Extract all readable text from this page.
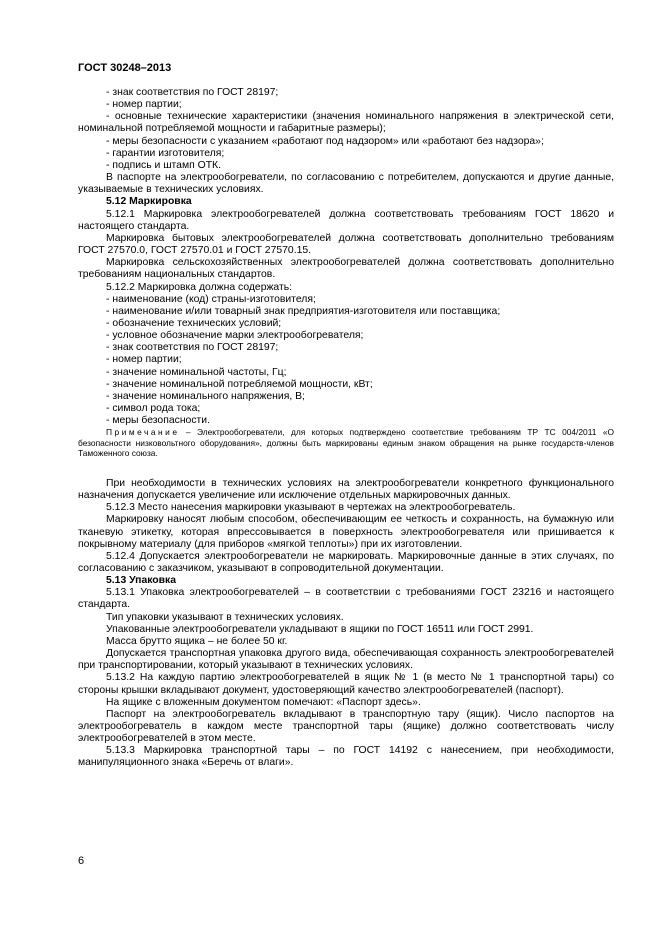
ГОСТ 30248–2013

- знак соответствия по ГОСТ 28197;

- номер партии;

- основные технические характеристики (значения номинального напряжения в электрической сети, номинальной потребляемой мощности и габаритные размеры);

- меры безопасности с указанием «работают под надзором» или «работают без надзора»;

- гарантии изготовителя;

- подпись и штамп ОТК.

В паспорте на электрообогреватели, по согласованию с потребителем, допускаются и другие данные, указываемые в технических условиях.

5.12 Маркировка

5.12.1 Маркировка электрообогревателей должна соответствовать требованиям ГОСТ 18620 и настоящего стандарта.

Маркировка бытовых электрообогревателей должна соответствовать дополнительно требованиям ГОСТ 27570.0, ГОСТ 27570.01 и ГОСТ 27570.15.

Маркировка сельскохозяйственных электрообогревателей должна соответствовать дополнительно требованиям национальных стандартов.

5.12.2 Маркировка должна содержать:

- наименование (код) страны-изготовителя;

- наименование и/или товарный знак предприятия-изготовителя или поставщика;

- обозначение технических условий;

- условное обозначение марки электрообогревателя;

- знак соответствия по ГОСТ 28197;

- номер партии;

- значение номинальной частоты, Гц;

- значение номинальной потребляемой мощности, кВт;

- значение номинального напряжения, В;

- символ рода тока;

- меры безопасности.

Примечание – Электрообогреватели, для которых подтверждено соответствие требованиям ТР ТС 004/2011 «О безопасности низковольтного оборудования», должны быть маркированы единым знаком обращения на рынке государств-членов Таможенного союза.

При необходимости в технических условиях на электрообогреватели конкретного функционального назначения допускается увеличение или исключение отдельных маркировочных данных.

5.12.3 Место нанесения маркировки указывают в чертежах на электрообогреватель.

Маркировку наносят любым способом, обеспечивающим ее четкость и сохранность, на бумажную или тканевую этикетку, которая впрессовывается в поверхность электрообогревателя или пришивается к покрывному материалу (для приборов «мягкой теплоты») при их изготовлении.

5.12.4 Допускается электрообогреватели не маркировать. Маркировочные данные в этих случаях, по согласованию с заказчиком, указывают в сопроводительной документации.

5.13 Упаковка

5.13.1 Упаковка электрообогревателей – в соответствии с требованиями ГОСТ 23216 и настоящего стандарта.

Тип упаковки указывают в технических условиях.

Упакованные электрообогреватели укладывают в ящики по ГОСТ 16511 или ГОСТ 2991.

Масса брутто ящика – не более 50 кг.

Допускается транспортная упаковка другого вида, обеспечивающая сохранность электрообогревателей при транспортировании, который указывают в технических условиях.

5.13.2 На каждую партию электрообогревателей в ящик № 1 (в место № 1 транспортной тары) со стороны крышки вкладывают документ, удостоверяющий качество электрообогревателей (паспорт).

На ящике с вложенным документом помечают: «Паспорт здесь».

Паспорт на электрообогреватель вкладывают в транспортную тару (ящик). Число паспортов на электрообогреватель в каждом месте транспортной тары (ящике) должно соответствовать числу электрообогревателей в этом месте.

5.13.3 Маркировка транспортной тары – по ГОСТ 14192 с нанесением, при необходимости, манипуляционного знака «Беречь от влаги».

6
